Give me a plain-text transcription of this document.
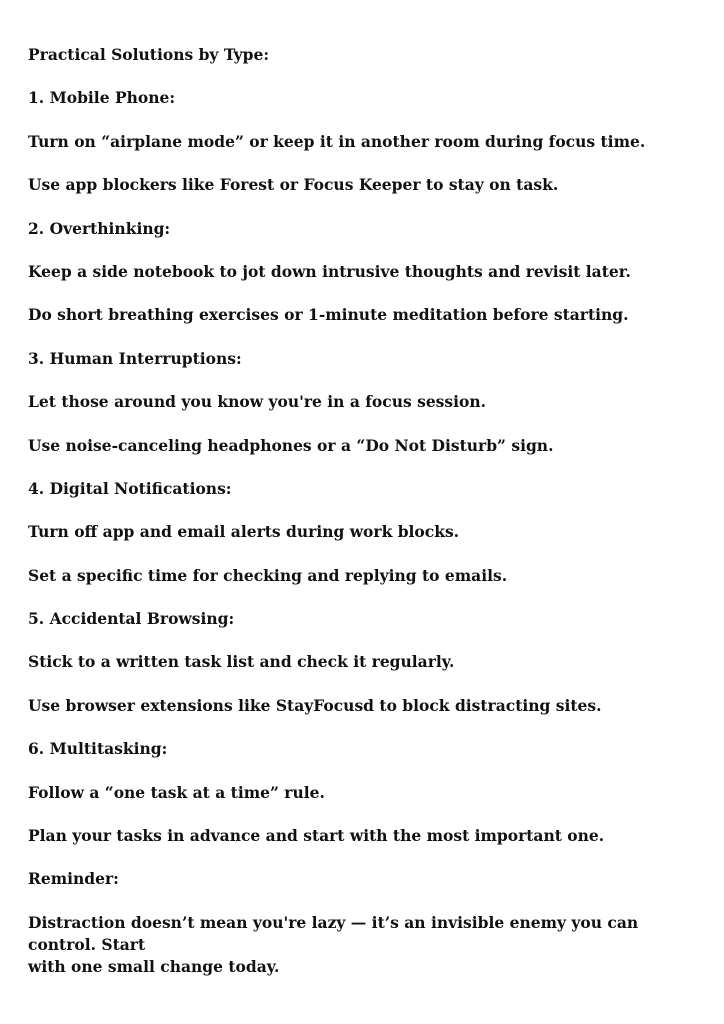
Practical Solutions by Type:

1. Mobile Phone:

Turn on “airplane mode” or keep it in another room during focus time.

Use app blockers like Forest or Focus Keeper to stay on task.

2. Overthinking:

Keep a side notebook to jot down intrusive thoughts and revisit later.

Do short breathing exercises or 1-minute meditation before starting.

3. Human Interruptions:

Let those around you know you're in a focus session.

Use noise-canceling headphones or a “Do Not Disturb” sign.

4. Digital Notifications:

Turn off app and email alerts during work blocks.

Set a specific time for checking and replying to emails.

5. Accidental Browsing:

Stick to a written task list and check it regularly.

Use browser extensions like StayFocusd to block distracting sites.

6. Multitasking:

Follow a “one task at a time” rule.

Plan your tasks in advance and start with the most important one.

Reminder:

Distraction doesn’t mean you're lazy — it’s an invisible enemy you can control. Start

with one small change today.
